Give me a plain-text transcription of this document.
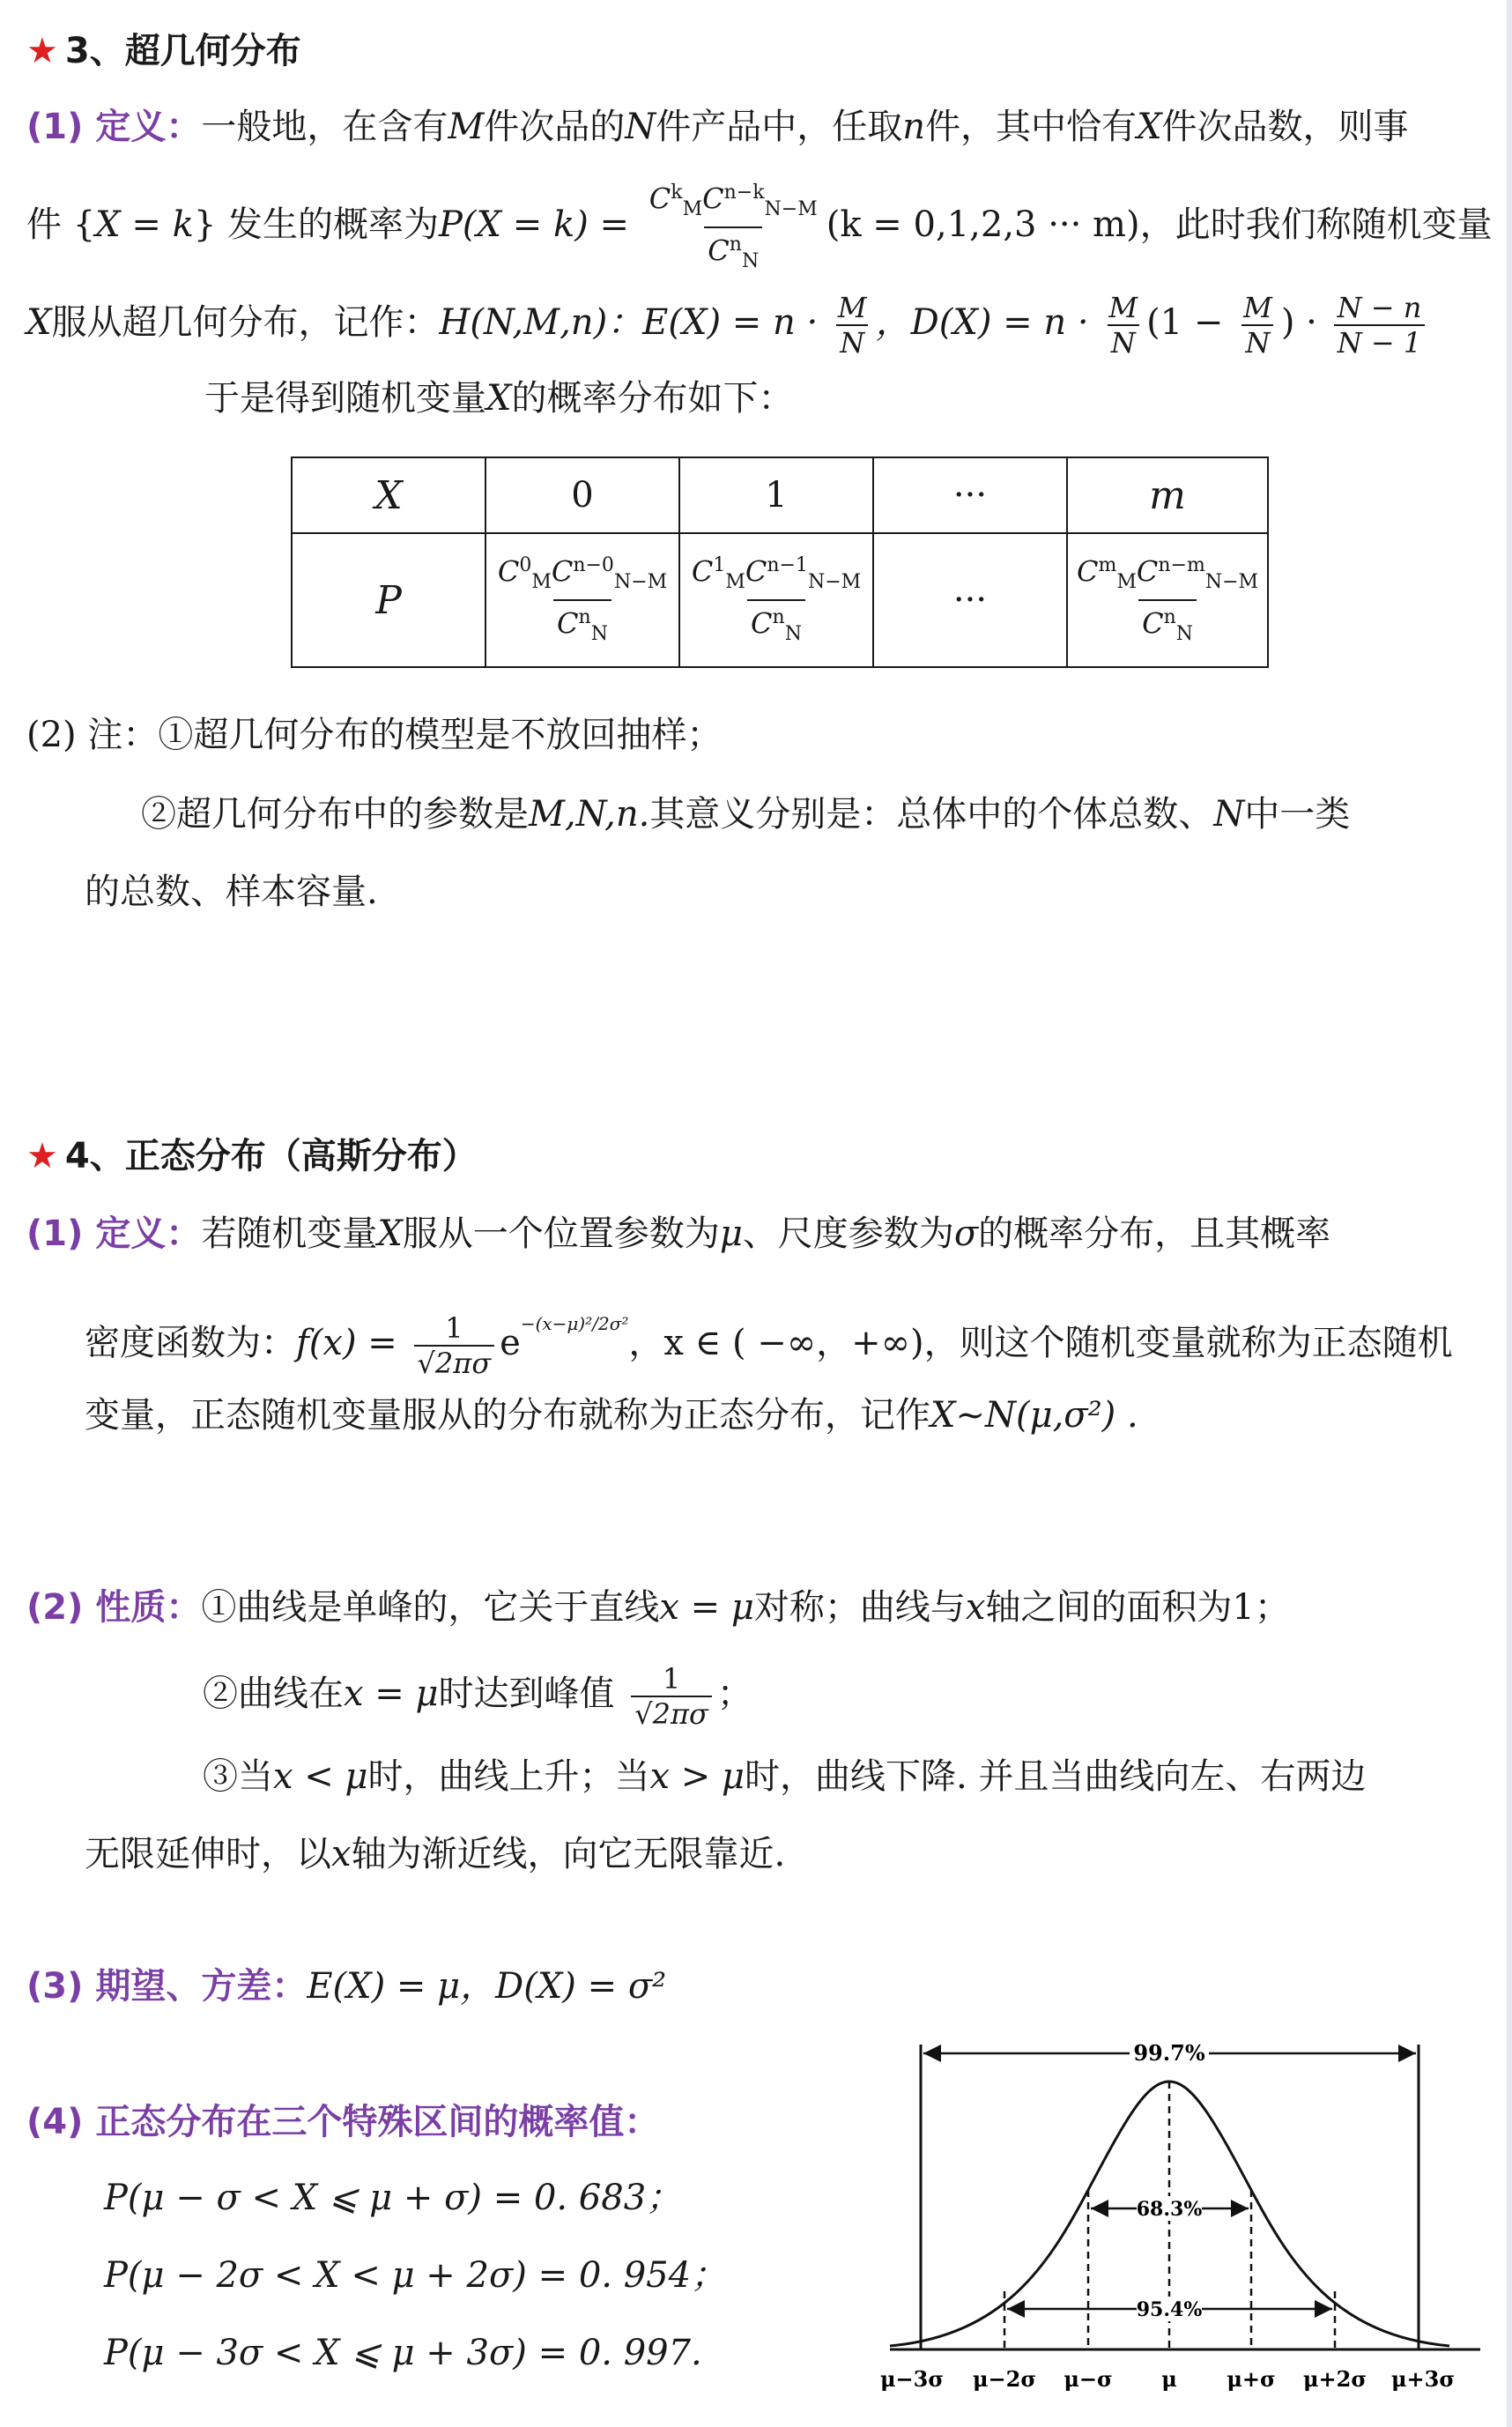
★ 3、超几何分布
(1) 定义：一般地，在含有M件次品的N件产品中，任取n件，其中恰有X件次品数，则事
件 {X = k} 发生的概率为$P(X = k) = \frac{C^k_MC^{n-k}_{N-M}}{C^n_N} (k = 0,1,2,3$ ··· m)，此时我们称随机变量
X服从超几何分布，记作：H(N,M,n)：$E(X) = n \cdot \frac{M}{N}$ ，$D(X) = n \cdot \frac{M}{N} (1 - \frac{M}{N}$ ) · $\frac{N - n}{N - 1}$
于是得到随机变量X的概率分布如下：
X	0	1	···	m
P	$\frac{C^0_MC^{n-0}_{N-M}}{C^n_N}$	$\frac{C^1_MC^{n-1}_{N-M}}{C^n_N}$	···	$\frac{C^m_MC^{n-m}_{N-M}}{C^n_N}$
(2) 注：①超几何分布的模型是不放回抽样；
②超几何分布中的参数是M,N,n.其意义分别是：总体中的个体总数、N中一类
的总数、样本容量.
★ 4、正态分布（高斯分布）
(1) 定义：若随机变量X服从一个位置参数为μ、尺度参数为σ的概率分布，且其概率
密度函数为：$f(x) = \frac{1}{√2\pi\sigma} e^{-(x-\mu)^2/2\sigma^2}$，x ∈ ( −∞，+∞)，则这个随机变量就称为正态随机
变量，正态随机变量服从的分布就称为正态分布，记作X~N(μ,σ²) .
(2) 性质：①曲线是单峰的，它关于直线x = μ对称；曲线与x轴之间的面积为1；
②曲线在x = μ时达到峰值 $\frac{1}{√2\pi\sigma}$ ；
③当x < μ时，曲线上升；当x > μ时，曲线下降. 并且当曲线向左、右两边
无限延伸时，以x轴为渐近线，向它无限靠近.
(3) 期望、方差：E(X) = μ，D(X) = σ²
(4) 正态分布在三个特殊区间的概率值：
P(μ − σ < X ⩽ μ + σ) = 0. 683；
P(μ − 2σ < X < μ + 2σ) = 0. 954；
P(μ − 3σ < X ⩽ μ + 3σ) = 0. 997.
99.7%
68.3%
95.4%
μ−3σ μ−2σ μ−σ μ μ+σ μ+2σ μ+3σ
